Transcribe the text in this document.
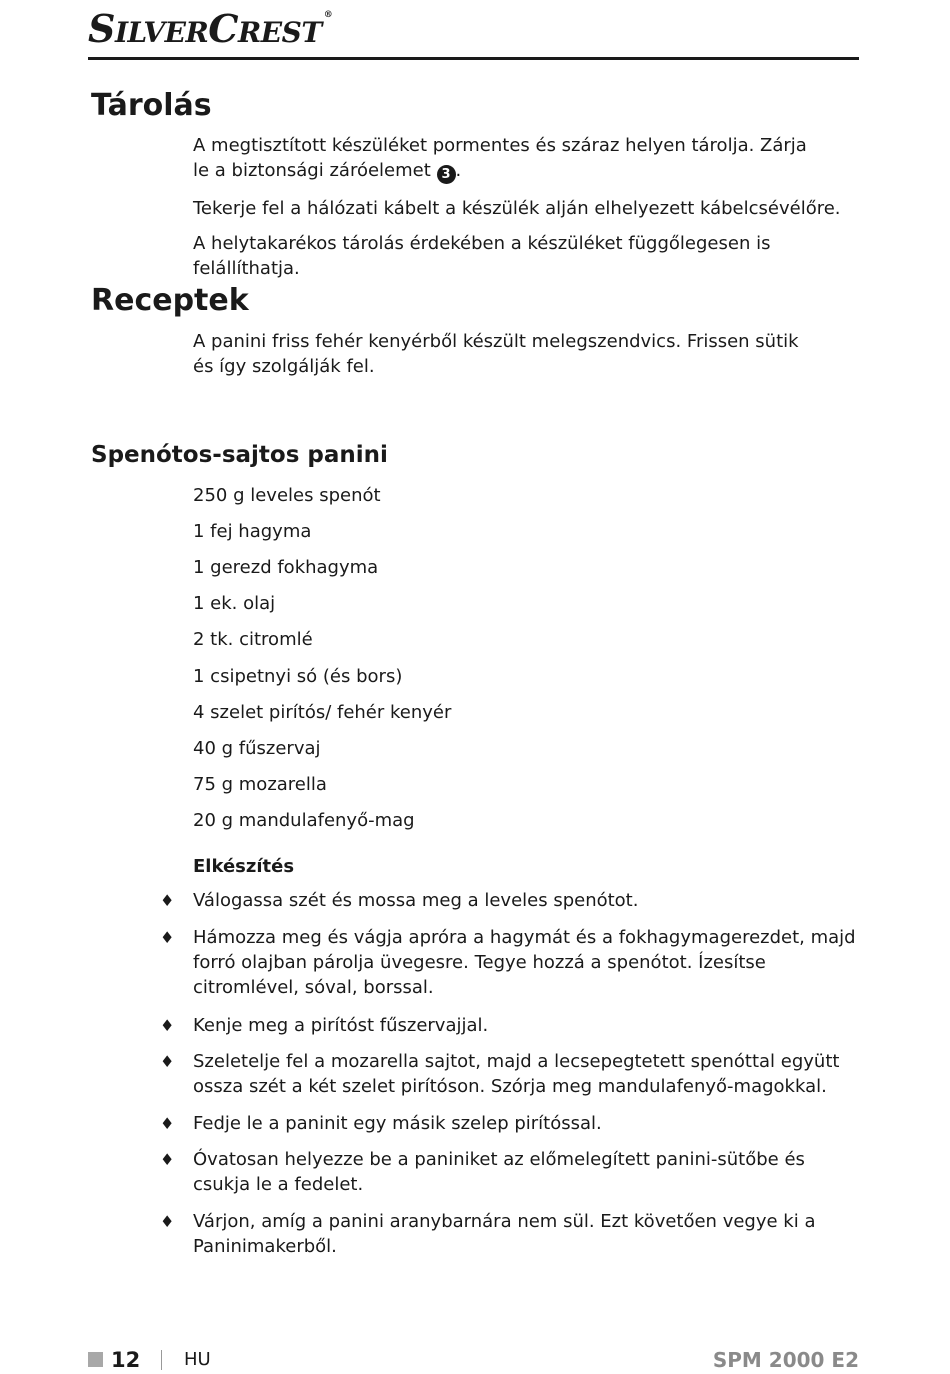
SILVERCREST®
Tárolás

A megtisztított készüléket pormentes és száraz helyen tárolja. Zárja le a biztonsági záróelemet 3 .

Tekerje fel a hálózati kábelt a készülék alján elhelyezett kábelcsévélőre.

A helytakarékos tárolás érdekében a készüléket függőlegesen is felállíthatja.

Receptek

A panini friss fehér kenyérből készült melegszendvics. Frissen sütik és így szolgálják fel.

Spenótos-sajtos panini
250 g leveles spenót
1 fej hagyma
1 gerezd fokhagyma
1 ek. olaj
2 tk. citromlé
1 csipetnyi só (és bors)
4 szelet pirítós/ fehér kenyér
40 g fűszervaj
75 g mozarella
20 g mandulafenyő-mag
Elkészítés
♦	Válogassa szét és mossa meg a leveles spenótot.
♦	Hámozza meg és vágja apróra a hagymát és a fokhagymagerezdet, majd forró olajban párolja üvegesre. Tegye hozzá a spenótot. Ízesítse citromlével, sóval, borssal.
♦	Kenje meg a pirítóst fűszervajjal.
♦	Szeletelje fel a mozarella sajtot, majd a lecsepegtetett spenóttal együtt ossza szét a két szelet pirítóson. Szórja meg mandulafenyő-magokkal.
♦	Fedje le a paninit egy másik szelep pirítóssal.
♦	Óvatosan helyezze be a paniniket az előmelegített panini-sütőbe és csukja le a fedelet.
♦	Várjon, amíg a panini aranybarnára nem sül. Ezt követően vegye ki a Paninimakerből.
12 HU	SPM 2000 E2
